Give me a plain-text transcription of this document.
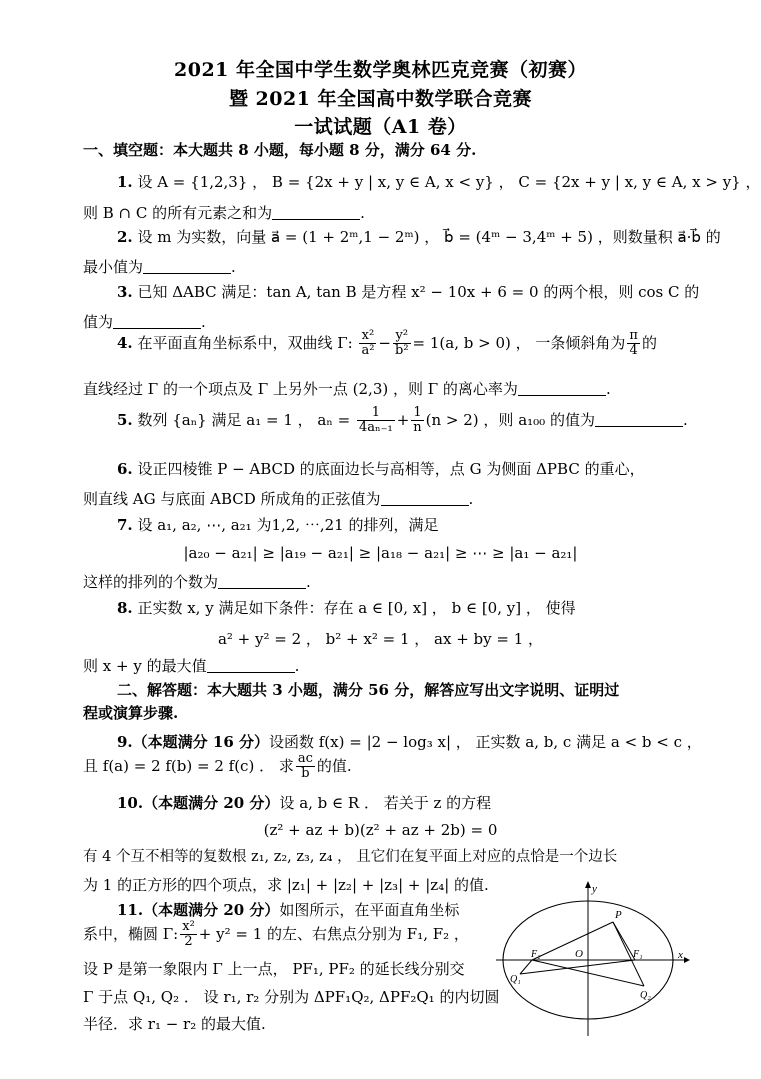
2021 年全国中学生数学奥林匹克竞赛（初赛）
暨 2021 年全国高中数学联合竞赛
一试试题（A1 卷）
一、填空题：本大题共 8 小题，每小题 8 分，满分 64 分.
1. 设 A = {1,2,3} ， B = {2x + y | x, y ∈ A, x < y} ， C = {2x + y | x, y ∈ A, x > y} ，
则 B ∩ C 的所有元素之和为	.
2. 设 m 为实数，向量 a⃗ = (1 + 2ᵐ,1 − 2ᵐ) ， b⃗ = (4ᵐ − 3,4ᵐ + 5) ，则数量积 a⃗·b⃗ 的
最小值为	.
3. 已知 ΔABC 满足：tan A, tan B 是方程 x² − 10x + 6 = 0 的两个根，则 cos C 的
值为	.
4. 在平面直角坐标系中，双曲线 Γ: $\frac{\text{x²}}{\text{a²}} - \frac{\text{y²}}{\text{b²}} = 1(a$, b > 0) ， 一条倾斜角为 $\frac{\pi}{4}$ 的
直线经过 Γ 的一个项点及 Γ 上另外一点 (2,3) ，则 Γ 的离心率为	.
5. 数列 {aₙ} 满足 a₁ = 1 ， $a_n = \frac{1}{\text{4aₙ₋₁}} + \frac{1}{n} (n > 2)$ ，则 a₁₀₀ 的值为	.
6. 设正四棱锥 P − ABCD 的底面边长与高相等，点 G 为侧面 ΔPBC 的重心，
则直线 AG 与底面 ABCD 所成角的正弦值为	.
7. 设 a₁, a₂, ⋯, a₂₁ 为1,2, ⋯,21 的排列，满足
|a₂₀ − a₂₁| ≥ |a₁₉ − a₂₁| ≥ |a₁₈ − a₂₁| ≥ ⋯ ≥ |a₁ − a₂₁|
这样的排列的个数为	.
8. 正实数 x, y 满足如下条件：存在 a ∈ [0, x] ， b ∈ [0, y] ， 使得
a² + y² = 2 ， b² + x² = 1 ， ax + by = 1 ，
则 x + y 的最大值	.
二、解答题：本大题共 3 小题，满分 56 分，解答应写出文字说明、证明过
程或演算步骤.
9.（本题满分 16 分）设函数 f(x) = |2 − log₃ x| ， 正实数 a, b, c 满足 a < b < c ，
且 f(a) = 2 f(b) = 2 f(c) ． 求 $\frac{ac}{b}$ 的值.
10.（本题满分 20 分）设 a, b ∈ R ． 若关于 z 的方程
(z² + az + b)(z² + az + 2b) = 0
有 4 个互不相等的复数根 z₁, z₂, z₃, z₄ ， 且它们在复平面上对应的点恰是一个边长
为 1 的正方形的四个项点，求 |z₁| + |z₂| + |z₃| + |z₄| 的值.
11.（本题满分 20 分）如图所示，在平面直角坐标
系中，椭圆 Γ: $\frac{\text{x²}}{2} + y^2 = 1$ 的左、右焦点分别为 F₁, F₂ ，
设 P 是第一象限内 Γ 上一点， PF₁, PF₂ 的延长线分别交
Γ 于点 Q₁, Q₂ ． 设 r₁, r₂ 分别为 ΔPF₁Q₂, ΔPF₂Q₁ 的内切圆
半径．求 r₁ − r₂ 的最大值.
y
x
P
O
F₂	F₁
Q₁
Q₂
